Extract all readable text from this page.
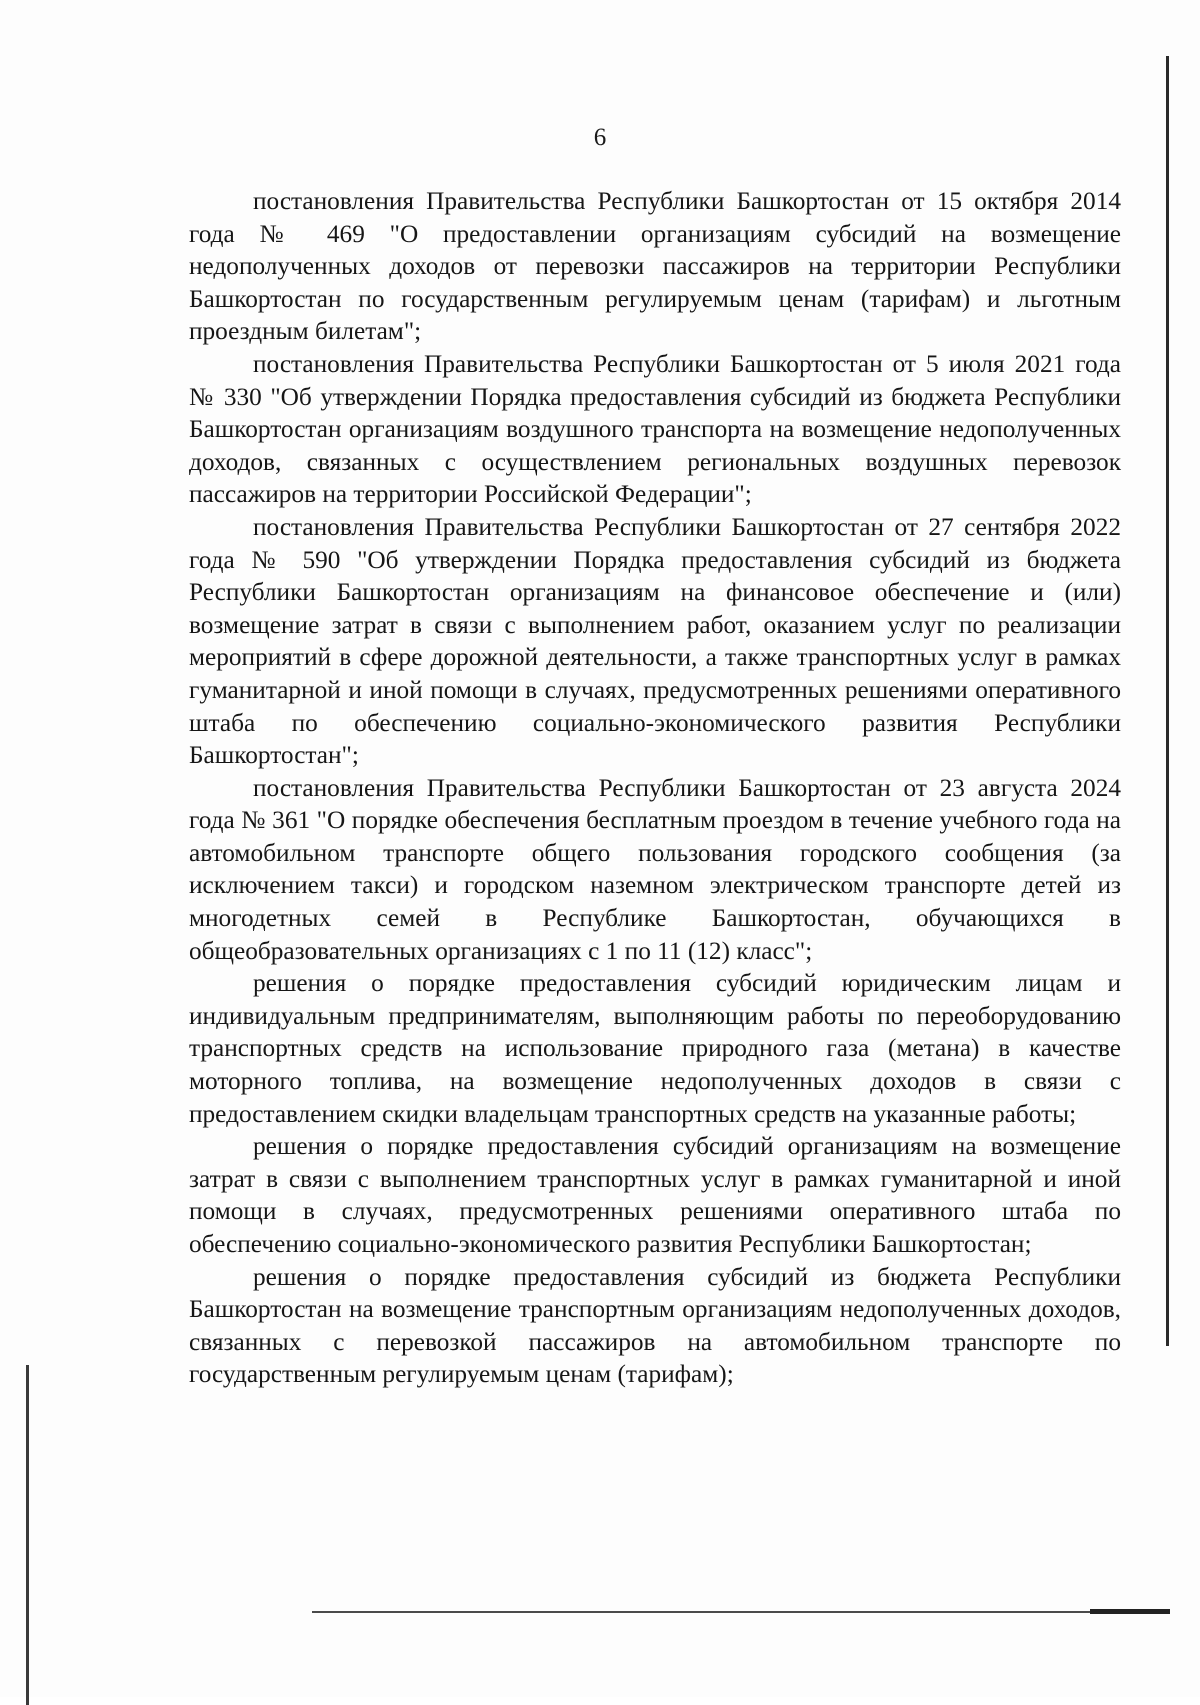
6

постановления Правительства Республики Башкортостан от 15 октября 2014 года № 469 "О предоставлении организациям субсидий на возмещение недополученных доходов от перевозки пассажиров на территории Республики Башкортостан по государственным регулируемым ценам (тарифам) и льготным проездным билетам";

постановления Правительства Республики Башкортостан от 5 июля 2021 года № 330 "Об утверждении Порядка предоставления субсидий из бюджета Республики Башкортостан организациям воздушного транспорта на возмещение недополученных доходов, связанных с осуществлением региональных воздушных перевозок пассажиров на территории Российской Федерации";

постановления Правительства Республики Башкортостан от 27 сентября 2022 года № 590 "Об утверждении Порядка предоставления субсидий из бюджета Республики Башкортостан организациям на финансовое обеспечение и (или) возмещение затрат в связи с выполнением работ, оказанием услуг по реализации мероприятий в сфере дорожной деятельности, а также транспортных услуг в рамках гуманитарной и иной помощи в случаях, предусмотренных решениями оперативного штаба по обеспечению социально-экономического развития Республики Башкортостан";

постановления Правительства Республики Башкортостан от 23 августа 2024 года № 361 "О порядке обеспечения бесплатным проездом в течение учебного года на автомобильном транспорте общего пользования городского сообщения (за исключением такси) и городском наземном электрическом транспорте детей из многодетных семей в Республике Башкортостан, обучающихся в общеобразовательных организациях с 1 по 11 (12) класс";

решения о порядке предоставления субсидий юридическим лицам и индивидуальным предпринимателям, выполняющим работы по переоборудованию транспортных средств на использование природного газа (метана) в качестве моторного топлива, на возмещение недополученных доходов в связи с предоставлением скидки владельцам транспортных средств на указанные работы;

решения о порядке предоставления субсидий организациям на возмещение затрат в связи с выполнением транспортных услуг в рамках гуманитарной и иной помощи в случаях, предусмотренных решениями оперативного штаба по обеспечению социально-экономического развития Республики Башкортостан;

решения о порядке предоставления субсидий из бюджета Республики Башкортостан на возмещение транспортным организациям недополученных доходов, связанных с перевозкой пассажиров на автомобильном транспорте по государственным регулируемым ценам (тарифам);
